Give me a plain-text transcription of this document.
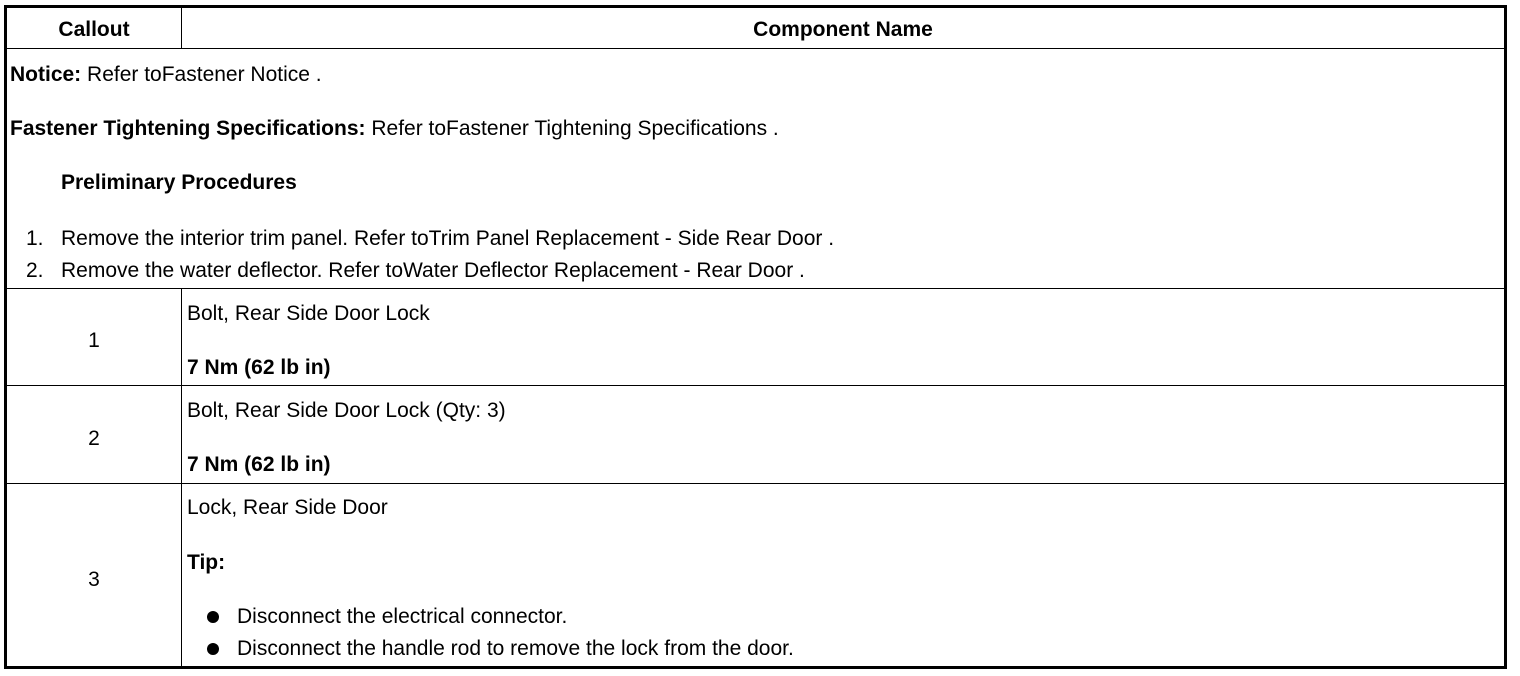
Callout	Component Name
Notice: Refer toFastener Notice .
Fastener Tightening Specifications: Refer toFastener Tightening Specifications .
Preliminary Procedures
1. Remove the interior trim panel. Refer toTrim Panel Replacement - Side Rear Door .
2. Remove the water deflector. Refer toWater Deflector Replacement - Rear Door .
1
Bolt, Rear Side Door Lock
7 Nm (62 lb in)
2
Bolt, Rear Side Door Lock (Qty: 3)
7 Nm (62 lb in)
3
Lock, Rear Side Door
Tip:
Disconnect the electrical connector.
Disconnect the handle rod to remove the lock from the door.
